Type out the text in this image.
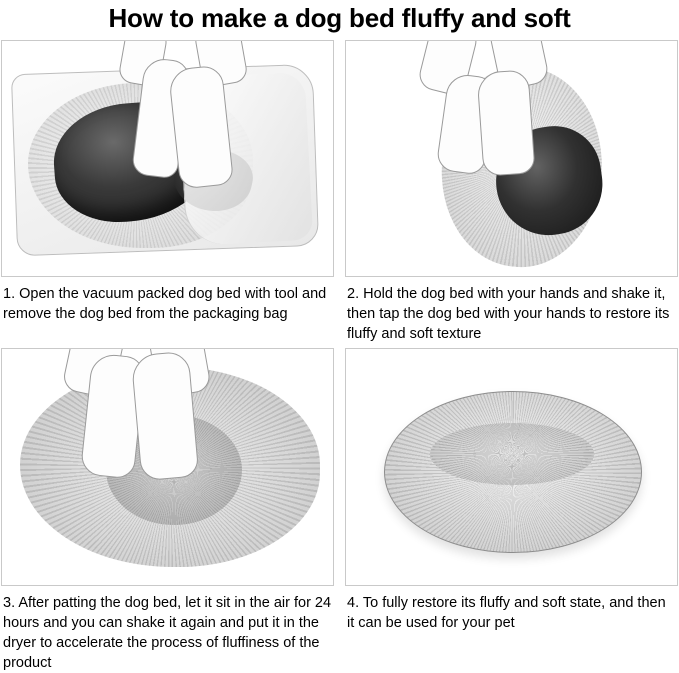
How to make a dog bed fluffy and soft
1. Open the vacuum packed dog bed with tool and remove the dog bed from the packaging bag
2. Hold the dog bed with your hands and shake it, then tap the dog bed with your hands to restore its fluffy and soft texture
3. After patting the dog bed, let it sit in the air for 24 hours and you can shake it again and put it in the dryer to accelerate the process of fluffiness of the product
4. To fully restore its fluffy and soft state, and then it can be used for your pet
